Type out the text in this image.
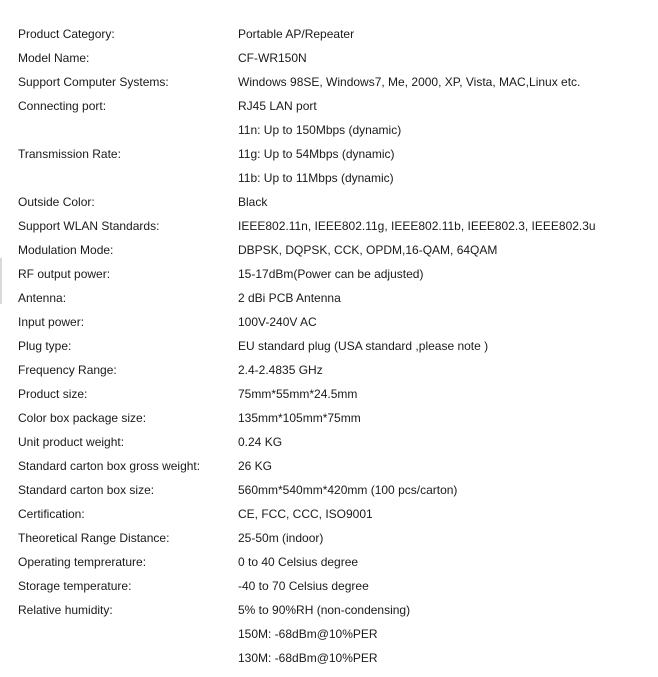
Product Category:	Portable AP/Repeater
Model Name:	CF-WR150N
Support Computer Systems:	Windows 98SE, Windows7, Me, 2000, XP, Vista, MAC,Linux etc.
Connecting port:	RJ45 LAN port
	11n: Up to 150Mbps (dynamic)
Transmission Rate:	11g: Up to 54Mbps (dynamic)
	11b: Up to 11Mbps (dynamic)
Outside Color:	Black
Support WLAN Standards:	IEEE802.11n, IEEE802.11g, IEEE802.11b, IEEE802.3, IEEE802.3u
Modulation Mode:	DBPSK, DQPSK, CCK, OPDM,16-QAM, 64QAM
RF output power:	15-17dBm(Power can be adjusted)
Antenna:	2 dBi PCB Antenna
Input power:	100V-240V AC
Plug type:	EU standard plug (USA standard ,please note )
Frequency Range:	2.4-2.4835 GHz
Product size:	75mm*55mm*24.5mm
Color box package size:	135mm*105mm*75mm
Unit product weight:	0.24 KG
Standard carton box gross weight:	26 KG
Standard carton box size:	560mm*540mm*420mm (100 pcs/carton)
Certification:	CE, FCC, CCC, ISO9001
Theoretical Range Distance:	25-50m (indoor)
Operating temprerature:	0 to 40 Celsius degree
Storage temperature:	-40 to 70 Celsius degree
Relative humidity:	5% to 90%RH (non-condensing)
	150M: -68dBm@10%PER
	130M: -68dBm@10%PER
